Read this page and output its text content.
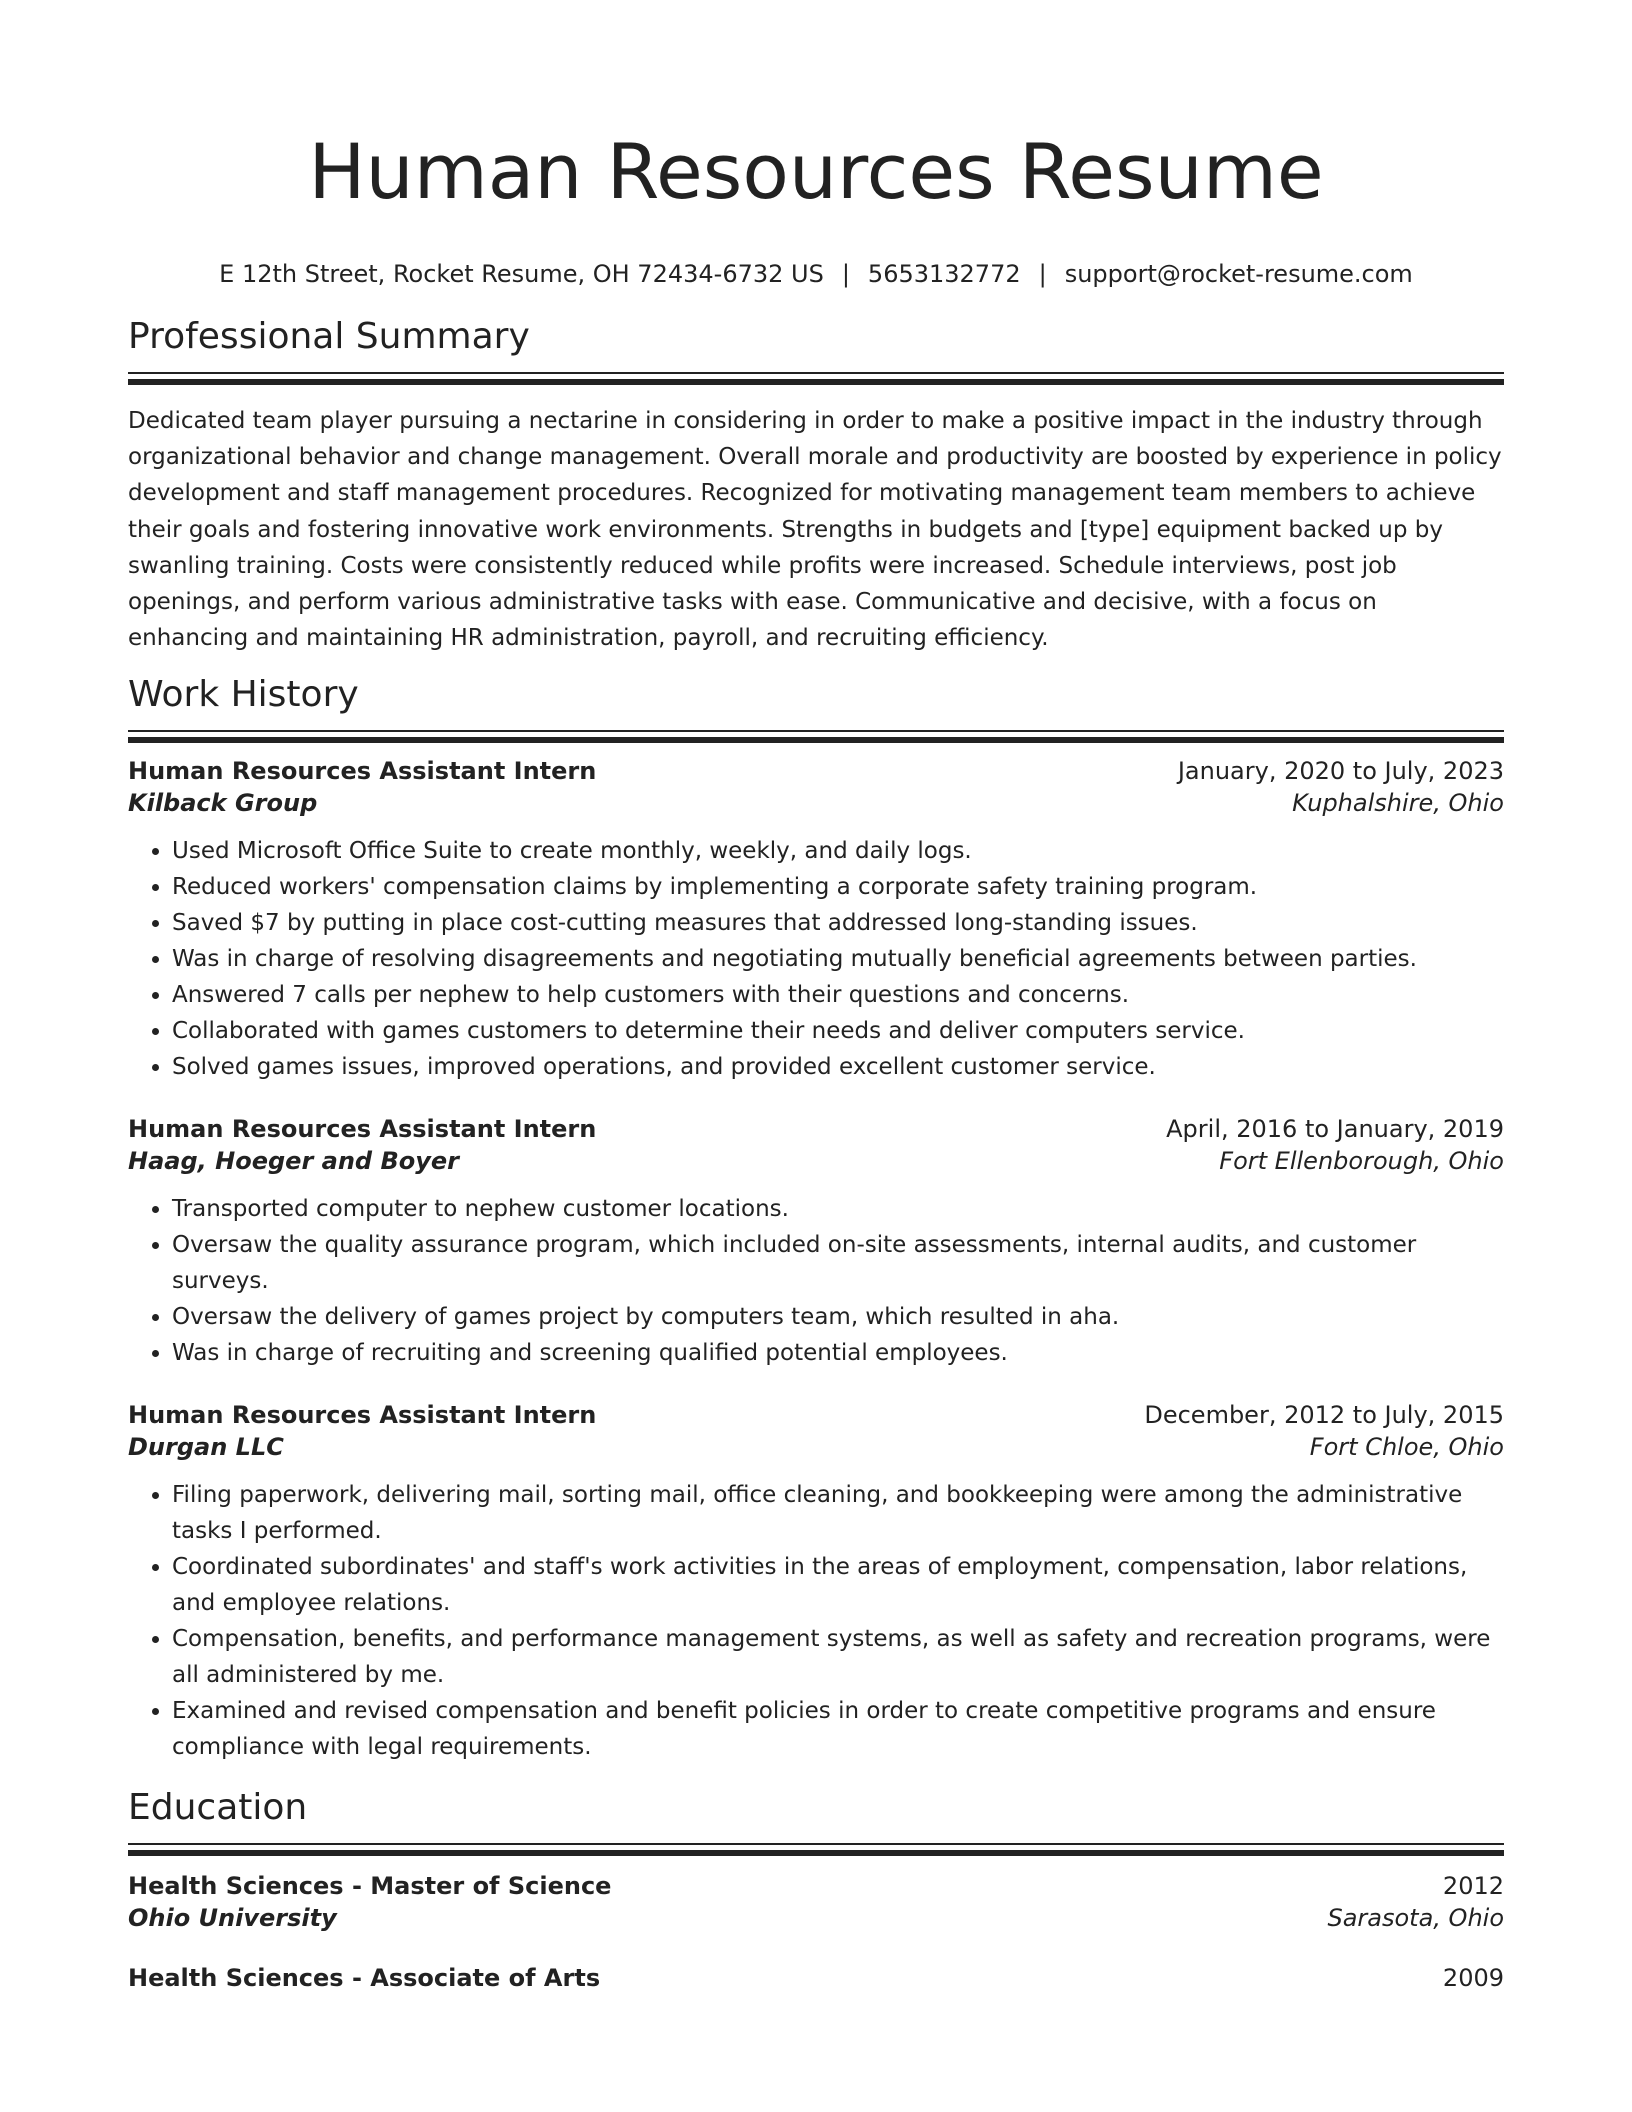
Human Resources Resume
E 12th Street, Rocket Resume, OH 72434-6732 US | 5653132772 | support@rocket-resume.com
Professional Summary

Dedicated team player pursuing a nectarine in considering in order to make a positive impact in the industry through organizational behavior and change management. Overall morale and productivity are boosted by experience in policy development and staff management procedures. Recognized for motivating management team members to achieve their goals and fostering innovative work environments. Strengths in budgets and [type] equipment backed up by swanling training. Costs were consistently reduced while profits were increased. Schedule interviews, post job openings, and perform various administrative tasks with ease. Communicative and decisive, with a focus on enhancing and maintaining HR administration, payroll, and recruiting efficiency.

Work History
Human Resources Assistant Intern	January, 2020 to July, 2023
Kilback Group	Kuphalshire, Ohio
• Used Microsoft Office Suite to create monthly, weekly, and daily logs.
• Reduced workers' compensation claims by implementing a corporate safety training program.
• Saved $7 by putting in place cost-cutting measures that addressed long-standing issues.
• Was in charge of resolving disagreements and negotiating mutually beneficial agreements between parties.
• Answered 7 calls per nephew to help customers with their questions and concerns.
• Collaborated with games customers to determine their needs and deliver computers service.
• Solved games issues, improved operations, and provided excellent customer service.
Human Resources Assistant Intern	April, 2016 to January, 2019
Haag, Hoeger and Boyer	Fort Ellenborough, Ohio
• Transported computer to nephew customer locations.
• Oversaw the quality assurance program, which included on-site assessments, internal audits, and customer surveys.
• Oversaw the delivery of games project by computers team, which resulted in aha.
• Was in charge of recruiting and screening qualified potential employees.
Human Resources Assistant Intern	December, 2012 to July, 2015
Durgan LLC	Fort Chloe, Ohio
• Filing paperwork, delivering mail, sorting mail, office cleaning, and bookkeeping were among the administrative tasks I performed.
• Coordinated subordinates' and staff's work activities in the areas of employment, compensation, labor relations, and employee relations.
• Compensation, benefits, and performance management systems, as well as safety and recreation programs, were all administered by me.
• Examined and revised compensation and benefit policies in order to create competitive programs and ensure compliance with legal requirements.
Education
Health Sciences - Master of Science	2012
Ohio University	Sarasota, Ohio
Health Sciences - Associate of Arts	2009
